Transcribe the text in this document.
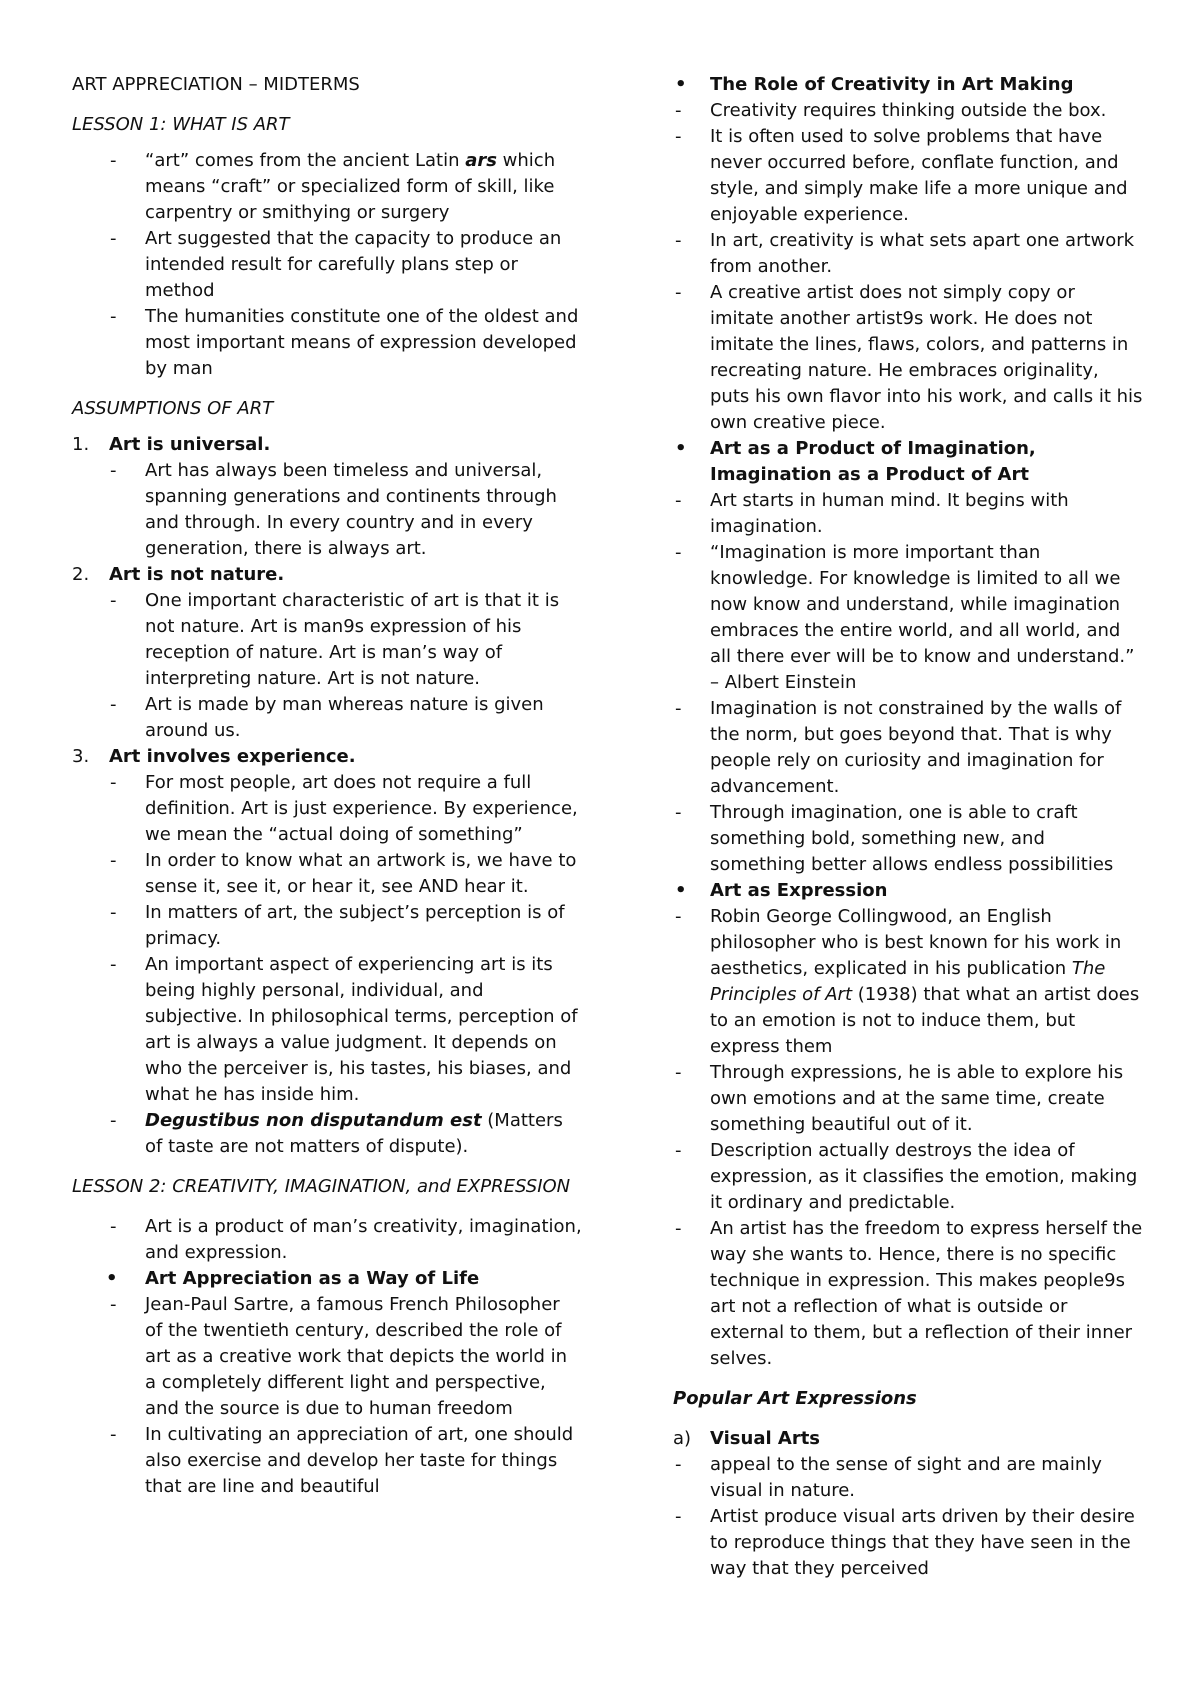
ART APPRECIATION – MIDTERMS
LESSON 1: WHAT IS ART
- “art” comes from the ancient Latin ars which means “craft” or specialized form of skill, like carpentry or smithying or surgery
- Art suggested that the capacity to produce an intended result for carefully plans step or method
- The humanities constitute one of the oldest and most important means of expression developed by man
ASSUMPTIONS OF ART
1. Art is universal.
- Art has always been timeless and universal, spanning generations and continents through and through. In every country and in every generation, there is always art.
2. Art is not nature.
- One important characteristic of art is that it is not nature. Art is man9s expression of his reception of nature. Art is man’s way of interpreting nature. Art is not nature.
- Art is made by man whereas nature is given around us.
3. Art involves experience.
- For most people, art does not require a full definition. Art is just experience. By experience, we mean the “actual doing of something”
- In order to know what an artwork is, we have to sense it, see it, or hear it, see AND hear it.
- In matters of art, the subject’s perception is of primacy.
- An important aspect of experiencing art is its being highly personal, individual, and subjective. In philosophical terms, perception of art is always a value judgment. It depends on who the perceiver is, his tastes, his biases, and what he has inside him.
- Degustibus non disputandum est (Matters of taste are not matters of dispute).
LESSON 2: CREATIVITY, IMAGINATION, and EXPRESSION
- Art is a product of man’s creativity, imagination, and expression.
• Art Appreciation as a Way of Life
- Jean-Paul Sartre, a famous French Philosopher of the twentieth century, described the role of art as a creative work that depicts the world in a completely different light and perspective, and the source is due to human freedom
- In cultivating an appreciation of art, one should also exercise and develop her taste for things that are line and beautiful
• The Role of Creativity in Art Making
- Creativity requires thinking outside the box.
- It is often used to solve problems that have never occurred before, conflate function, and style, and simply make life a more unique and enjoyable experience.
- In art, creativity is what sets apart one artwork from another.
- A creative artist does not simply copy or imitate another artist9s work. He does not imitate the lines, flaws, colors, and patterns in recreating nature. He embraces originality, puts his own flavor into his work, and calls it his own creative piece.
• Art as a Product of Imagination, Imagination as a Product of Art
- Art starts in human mind. It begins with imagination.
- “Imagination is more important than knowledge. For knowledge is limited to all we now know and understand, while imagination embraces the entire world, and all world, and all there ever will be to know and understand.” – Albert Einstein
- Imagination is not constrained by the walls of the norm, but goes beyond that. That is why people rely on curiosity and imagination for advancement.
- Through imagination, one is able to craft something bold, something new, and something better allows endless possibilities
• Art as Expression
- Robin George Collingwood, an English philosopher who is best known for his work in aesthetics, explicated in his publication The Principles of Art (1938) that what an artist does to an emotion is not to induce them, but express them
- Through expressions, he is able to explore his own emotions and at the same time, create something beautiful out of it.
- Description actually destroys the idea of expression, as it classifies the emotion, making it ordinary and predictable.
- An artist has the freedom to express herself the way she wants to. Hence, there is no specific technique in expression. This makes people9s art not a reflection of what is outside or external to them, but a reflection of their inner selves.
Popular Art Expressions
a) Visual Arts
- appeal to the sense of sight and are mainly visual in nature.
- Artist produce visual arts driven by their desire to reproduce things that they have seen in the way that they perceived
